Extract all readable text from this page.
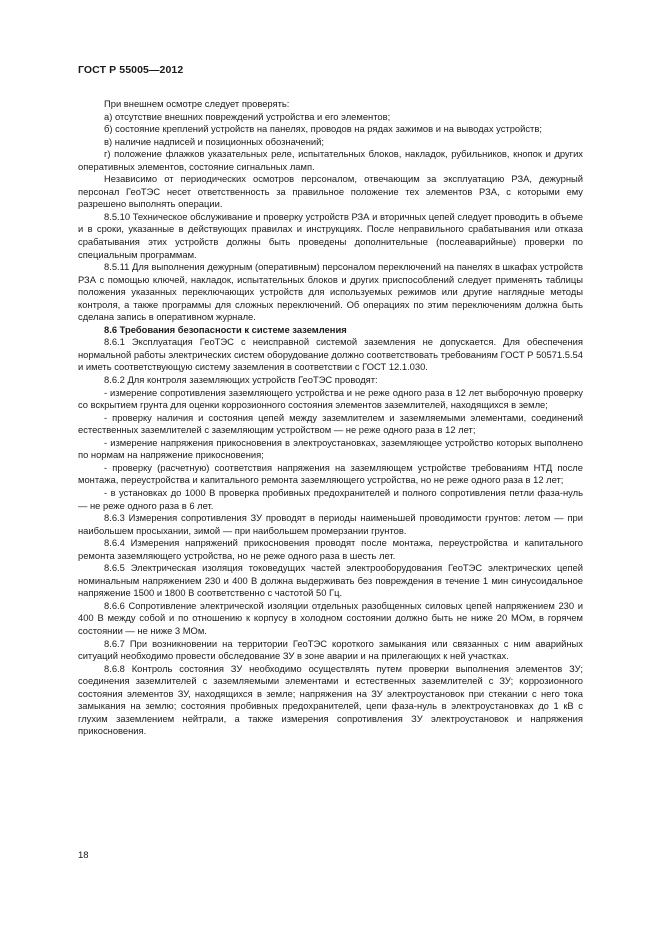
ГОСТ Р 55005—2012

При внешнем осмотре следует проверять:

а) отсутствие внешних повреждений устройства и его элементов;

б) состояние креплений устройств на панелях, проводов на рядах зажимов и на выводах устройств;

в) наличие надписей и позиционных обозначений;

г) положение флажков указательных реле, испытательных блоков, накладок, рубильников, кнопок и других оперативных элементов, состояние сигнальных ламп.

Независимо от периодических осмотров персоналом, отвечающим за эксплуатацию РЗА, дежурный персонал ГеоТЭС несет ответственность за правильное положение тех элементов РЗА, с которыми ему разрешено выполнять операции.

8.5.10 Техническое обслуживание и проверку устройств РЗА и вторичных цепей следует проводить в объеме и в сроки, указанные в действующих правилах и инструкциях. После неправильного срабатывания или отказа срабатывания этих устройств должны быть проведены дополнительные (послеаварийные) проверки по специальным программам.

8.5.11 Для выполнения дежурным (оперативным) персоналом переключений на панелях в шкафах устройств РЗА с помощью ключей, накладок, испытательных блоков и других приспособлений следует применять таблицы положения указанных переключающих устройств для используемых режимов или другие наглядные методы контроля, а также программы для сложных переключений. Об операциях по этим переключениям должна быть сделана запись в оперативном журнале.

8.6 Требования безопасности к системе заземления

8.6.1 Эксплуатация ГеоТЭС с неисправной системой заземления не допускается. Для обеспечения нормальной работы электрических систем оборудование должно соответствовать требованиям ГОСТ Р 50571.5.54 и иметь соответствующую систему заземления в соответствии с ГОСТ 12.1.030.

8.6.2 Для контроля заземляющих устройств ГеоТЭС проводят:

- измерение сопротивления заземляющего устройства и не реже одного раза в 12 лет выборочную проверку со вскрытием грунта для оценки коррозионного состояния элементов заземлителей, находящихся в земле;

- проверку наличия и состояния цепей между заземлителем и заземляемыми элементами, соединений естественных заземлителей с заземляющим устройством — не реже одного раза в 12 лет;

- измерение напряжения прикосновения в электроустановках, заземляющее устройство которых выполнено по нормам на напряжение прикосновения;

- проверку (расчетную) соответствия напряжения на заземляющем устройстве требованиям НТД после монтажа, переустройства и капитального ремонта заземляющего устройства, но не реже одного раза в 12 лет;

- в установках до 1000 В проверка пробивных предохранителей и полного сопротивления петли фаза-нуль — не реже одного раза в 6 лет.

8.6.3 Измерения сопротивления ЗУ проводят в периоды наименьшей проводимости грунтов: летом — при наибольшем просыхании, зимой — при наибольшем промерзании грунтов.

8.6.4 Измерения напряжений прикосновения проводят после монтажа, переустройства и капитального ремонта заземляющего устройства, но не реже одного раза в шесть лет.

8.6.5 Электрическая изоляция токоведущих частей электрооборудования ГеоТЭС электрических цепей номинальным напряжением 230 и 400 В должна выдерживать без повреждения в течение 1 мин синусоидальное напряжение 1500 и 1800 В соответственно с частотой 50 Гц.

8.6.6 Сопротивление электрической изоляции отдельных разобщенных силовых цепей напряжением 230 и 400 В между собой и по отношению к корпусу в холодном состоянии должно быть не ниже 20 МОм, в горячем состоянии — не ниже 3 МОм.

8.6.7 При возникновении на территории ГеоТЭС короткого замыкания или связанных с ним аварийных ситуаций необходимо провести обследование ЗУ в зоне аварии и на прилегающих к ней участках.

8.6.8 Контроль состояния ЗУ необходимо осуществлять путем проверки выполнения элементов ЗУ; соединения заземлителей с заземляемыми элементами и естественных заземлителей с ЗУ; коррозионного состояния элементов ЗУ, находящихся в земле; напряжения на ЗУ электроустановок при стекании с него тока замыкания на землю; состояния пробивных предохранителей, цепи фаза-нуль в электроустановках до 1 кВ с глухим заземлением нейтрали, а также измерения сопротивления ЗУ электроустановок и напряжения прикосновения.

18
